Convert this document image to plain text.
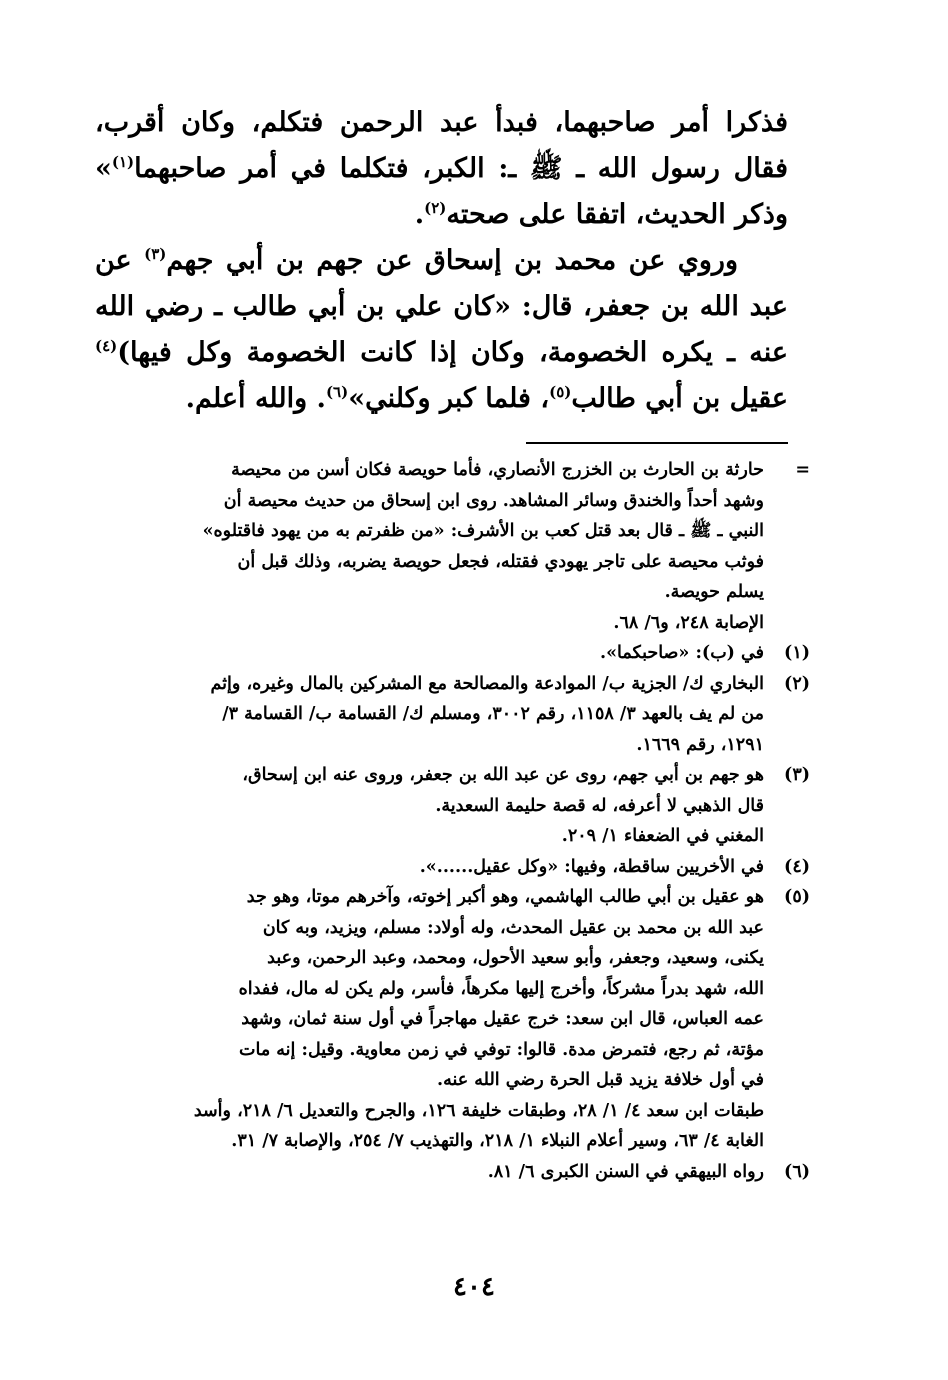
فذكرا أمر صاحبهما، فبدأ عبد الرحمن فتكلم، وكان أقرب، فقال رسول الله ـ ﷺ ـ: الكبر، فتكلما في أمر صاحبهما$^{(١)}$» وذكر الحديث، اتفقا على صحته$^{(٢)}$.

وروي عن محمد بن إسحاق عن جهم بن أبي جهم$^{(٣)}$ عن عبد الله بن جعفر، قال: «كان علي بن أبي طالب ـ رضي الله عنه ـ يكره الخصومة، وكان إذا كانت الخصومة وكل فيها)$^{(٤)}$ عقيل بن أبي طالب$^{(٥)}$، فلما كبر وكلني»$^{(٦)}$. والله أعلم.

=
حارثة بن الحارث بن الخزرج الأنصاري، فأما حويصة فكان أسن من محيصة
وشهد أحداً والخندق وسائر المشاهد. روى ابن إسحاق من حديث محيصة أن
النبي ـ ﷺ ـ قال بعد قتل كعب بن الأشرف: «من ظفرتم به من يهود فاقتلوه»
فوثب محيصة على تاجر يهودي فقتله، فجعل حويصة يضربه، وذلك قبل أن
يسلم حويصة.
الإصابة ٢٤٨، و٦/ ٦٨.
(١)
في (ب): «صاحبكما».
(٢)
البخاري ك/ الجزية ب/ الموادعة والمصالحة مع المشركين بالمال وغيره، وإثم
من لم يف بالعهد ٣/ ١١٥٨، رقم ٣٠٠٢، ومسلم ك/ القسامة ب/ القسامة ٣/
١٢٩١، رقم ١٦٦٩.
(٣)
هو جهم بن أبي جهم، روى عن عبد الله بن جعفر، وروى عنه ابن إسحاق،
قال الذهبي لا أعرفه، له قصة حليمة السعدية.
المغني في الضعفاء ١/ ٢٠٩.
(٤)
في الأخريين ساقطة، وفيها: «وكل عقيل......».
(٥)
هو عقيل بن أبي طالب الهاشمي، وهو أكبر إخوته، وآخرهم موتا، وهو جد
عبد الله بن محمد بن عقيل المحدث، وله أولاد: مسلم، ويزيد، وبه كان
يكنى، وسعيد، وجعفر، وأبو سعيد الأحول، ومحمد، وعبد الرحمن، وعبد
الله، شهد بدراً مشركاً، وأخرج إليها مكرهاً، فأسر، ولم يكن له مال، ففداه
عمه العباس، قال ابن سعد: خرج عقيل مهاجراً في أول سنة ثمان، وشهد
مؤتة، ثم رجع، فتمرض مدة. قالوا: توفي في زمن معاوية. وقيل: إنه مات
في أول خلافة يزيد قبل الحرة رضي الله عنه.
طبقات ابن سعد ٤/ ١/ ٢٨، وطبقات خليفة ١٢٦، والجرح والتعديل ٦/ ٢١٨، وأسد
الغابة ٤/ ٦٣، وسير أعلام النبلاء ١/ ٢١٨، والتهذيب ٧/ ٢٥٤، والإصابة ٧/ ٣١.
(٦)
رواه البيهقي في السنن الكبرى ٦/ ٨١.
٤٠٤
